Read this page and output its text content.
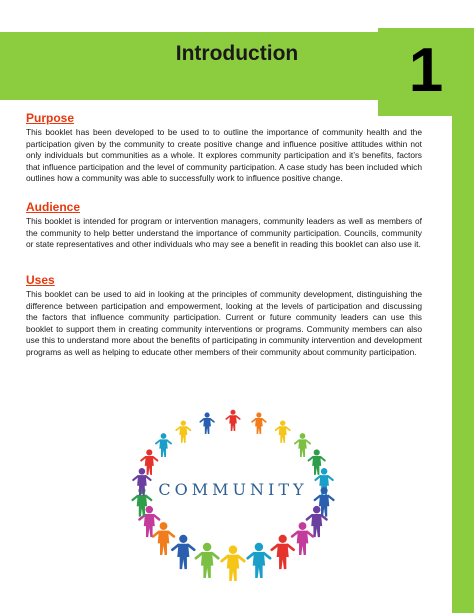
Introduction	1
Purpose

This booklet has been developed to be used to to outline the importance of community health and the participation given by the community to create positive change and influence positive attitudes within not only individuals but communities as a whole. It explores community participation and it’s benefits, factors that influence participation and the level of community participation. A case study has been included which outlines how a community was able to successfully work to influence positive change.

Audience

This booklet is intended for program or intervention managers, community leaders as well as members of the community to help better understand the importance of community participation. Councils, community or state representatives and other individuals who may see a benefit in reading this booklet can also use it.

Uses

This booklet can be used to aid in looking at the principles of community development, distinguishing the difference between participation and empowerment, looking at the levels of participation and discussing the factors that influence community participation. Current or future community leaders can use this booklet to support them in creating community interventions or programs. Community members can also use this to understand more about the benefits of participating in community intervention and development programs as well as helping to educate other members of their community about community participation.

COMMUNITY
